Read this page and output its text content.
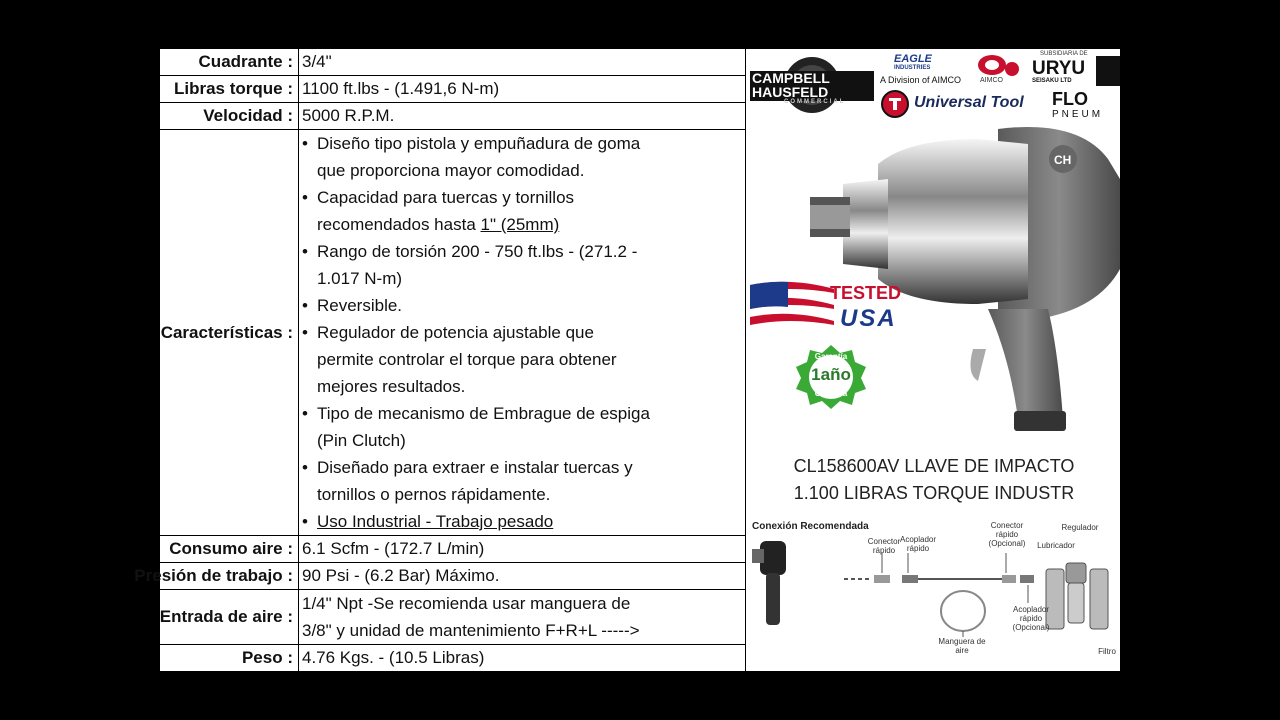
Cuadrante : 3/4"
Libras torque : 1100 ft.lbs - (1.491,6 N-m)
Velocidad : 5000 R.P.M.
Características :
• Diseño tipo pistola y empuñadura de goma
que proporciona mayor comodidad.
• Capacidad para tuercas y tornillos
recomendados hasta 1" (25mm)
• Rango de torsión 200 - 750 ft.lbs - (271.2 -
1.017 N-m)
• Reversible.
• Regulador de potencia ajustable que
permite controlar el torque para obtener
mejores resultados.
• Tipo de mecanismo de Embrague de espiga
(Pin Clutch)
• Diseñado para extraer e instalar tuercas y
tornillos o pernos rápidamente.
• Uso Industrial - Trabajo pesado
Consumo aire : 6.1 Scfm - (172.7 L/min)
Presión de trabajo : 90 Psi - (6.2 Bar) Máximo.
Entrada de aire :
1/4" Npt -Se recomienda usar manguera de
3/8" y unidad de mantenimiento F+R+L ----->
Peso : 4.76 Kgs. - (10.5 Libras)
CAMPBELL
HAUSFELD
COMMERCIAL
EAGLE
INDUSTRIES
A Division of AIMCO	AIMCO
SUBSIDIARIA DE
URYU
SEISAKU LTD
Universal Tool FLO
PNEUM
CH
TESTED
USA
Garantía
1año
Garantía
CL158600AV LLAVE DE IMPACTO
1.100 LIBRAS TORQUE INDUSTR
Conexión Recomendada
Conector rápido
Acoplador rápido
Conector rápido (Opcional)
Acoplador rápido (Opcional)
Manguera de aire
Regulador
Lubricador
Filtro
